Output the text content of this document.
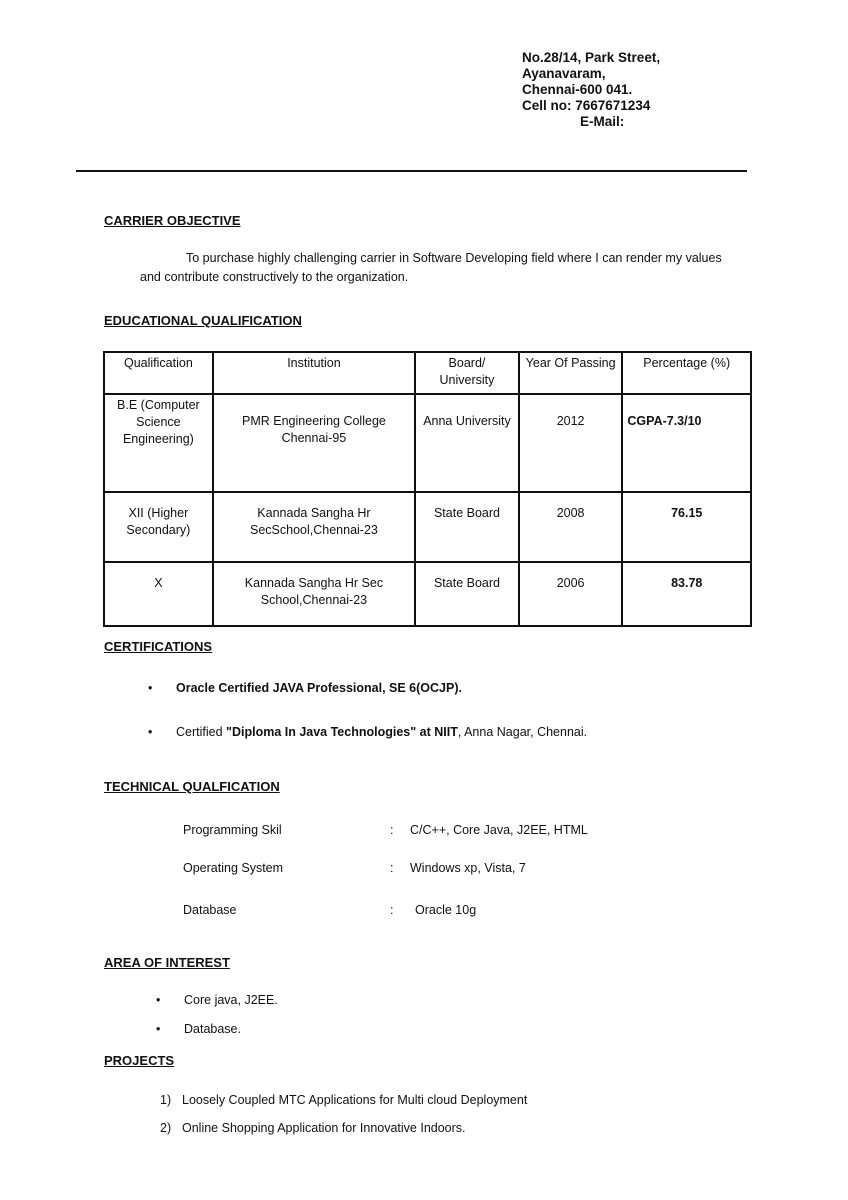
No.28/14, Park Street,
Ayanavaram,
Chennai-600 041.
Cell no: 7667671234
E-Mail:
CARRIER OBJECTIVE
To purchase highly challenging carrier in Software Developing field where I can render my values and contribute constructively to the organization.
EDUCATIONAL QUALIFICATION
Qualification	Institution	Board/ University	Year Of Passing	Percentage (%)
B.E (Computer Science Engineering)	PMR Engineering College Chennai-95	Anna University	2012	CGPA-7.3/10
XII (Higher Secondary)	Kannada Sangha Hr SecSchool,Chennai-23	State Board	2008	76.15
X	Kannada Sangha Hr Sec School,Chennai-23	State Board	2006	83.78
CERTIFICATIONS
• Oracle Certified JAVA Professional, SE 6(OCJP).
• Certified "Diploma In Java Technologies" at NIIT, Anna Nagar, Chennai.
TECHNICAL QUALFICATION
Programming Skil	: C/C++, Core Java, J2EE, HTML
Operating System	: Windows xp, Vista, 7
Database	: Oracle 10g
AREA OF INTEREST
• Core java, J2EE.
• Database.
PROJECTS
1) Loosely Coupled MTC Applications for Multi cloud Deployment
2) Online Shopping Application for Innovative Indoors.
